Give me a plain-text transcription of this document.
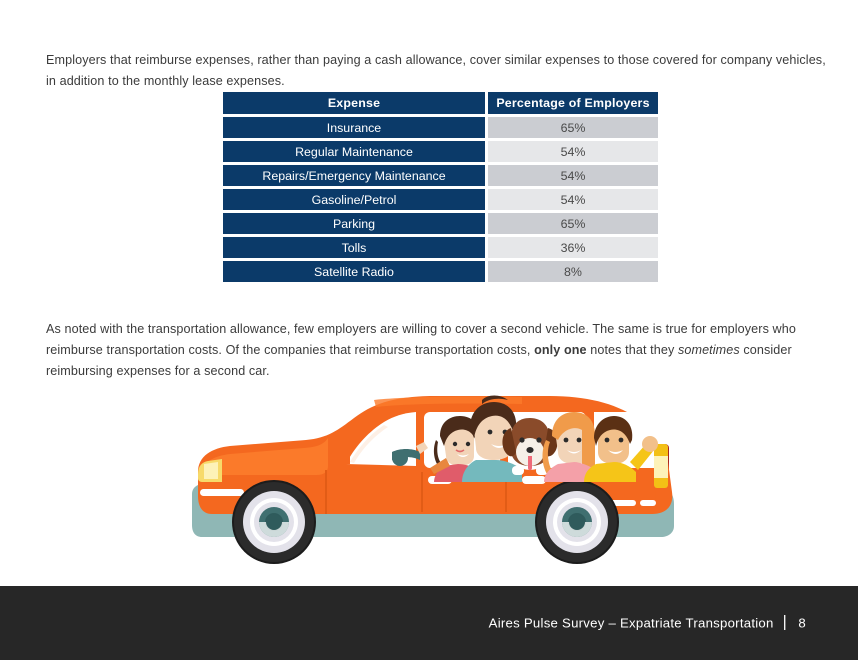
Employers that reimburse expenses, rather than paying a cash allowance, cover similar expenses to those covered for company vehicles, in addition to the monthly lease expenses.

Expense	Percentage of Employers
Insurance	65%
Regular Maintenance	54%
Repairs/Emergency Maintenance	54%
Gasoline/Petrol	54%
Parking	65%
Tolls	36%
Satellite Radio	8%

As noted with the transportation allowance, few employers are willing to cover a second vehicle. The same is true for employers who reimburse transportation costs. Of the companies that reimburse transportation costs, only one notes that they sometimes consider reimbursing expenses for a second car.

Aires Pulse Survey – Expatriate Transportation | 8
